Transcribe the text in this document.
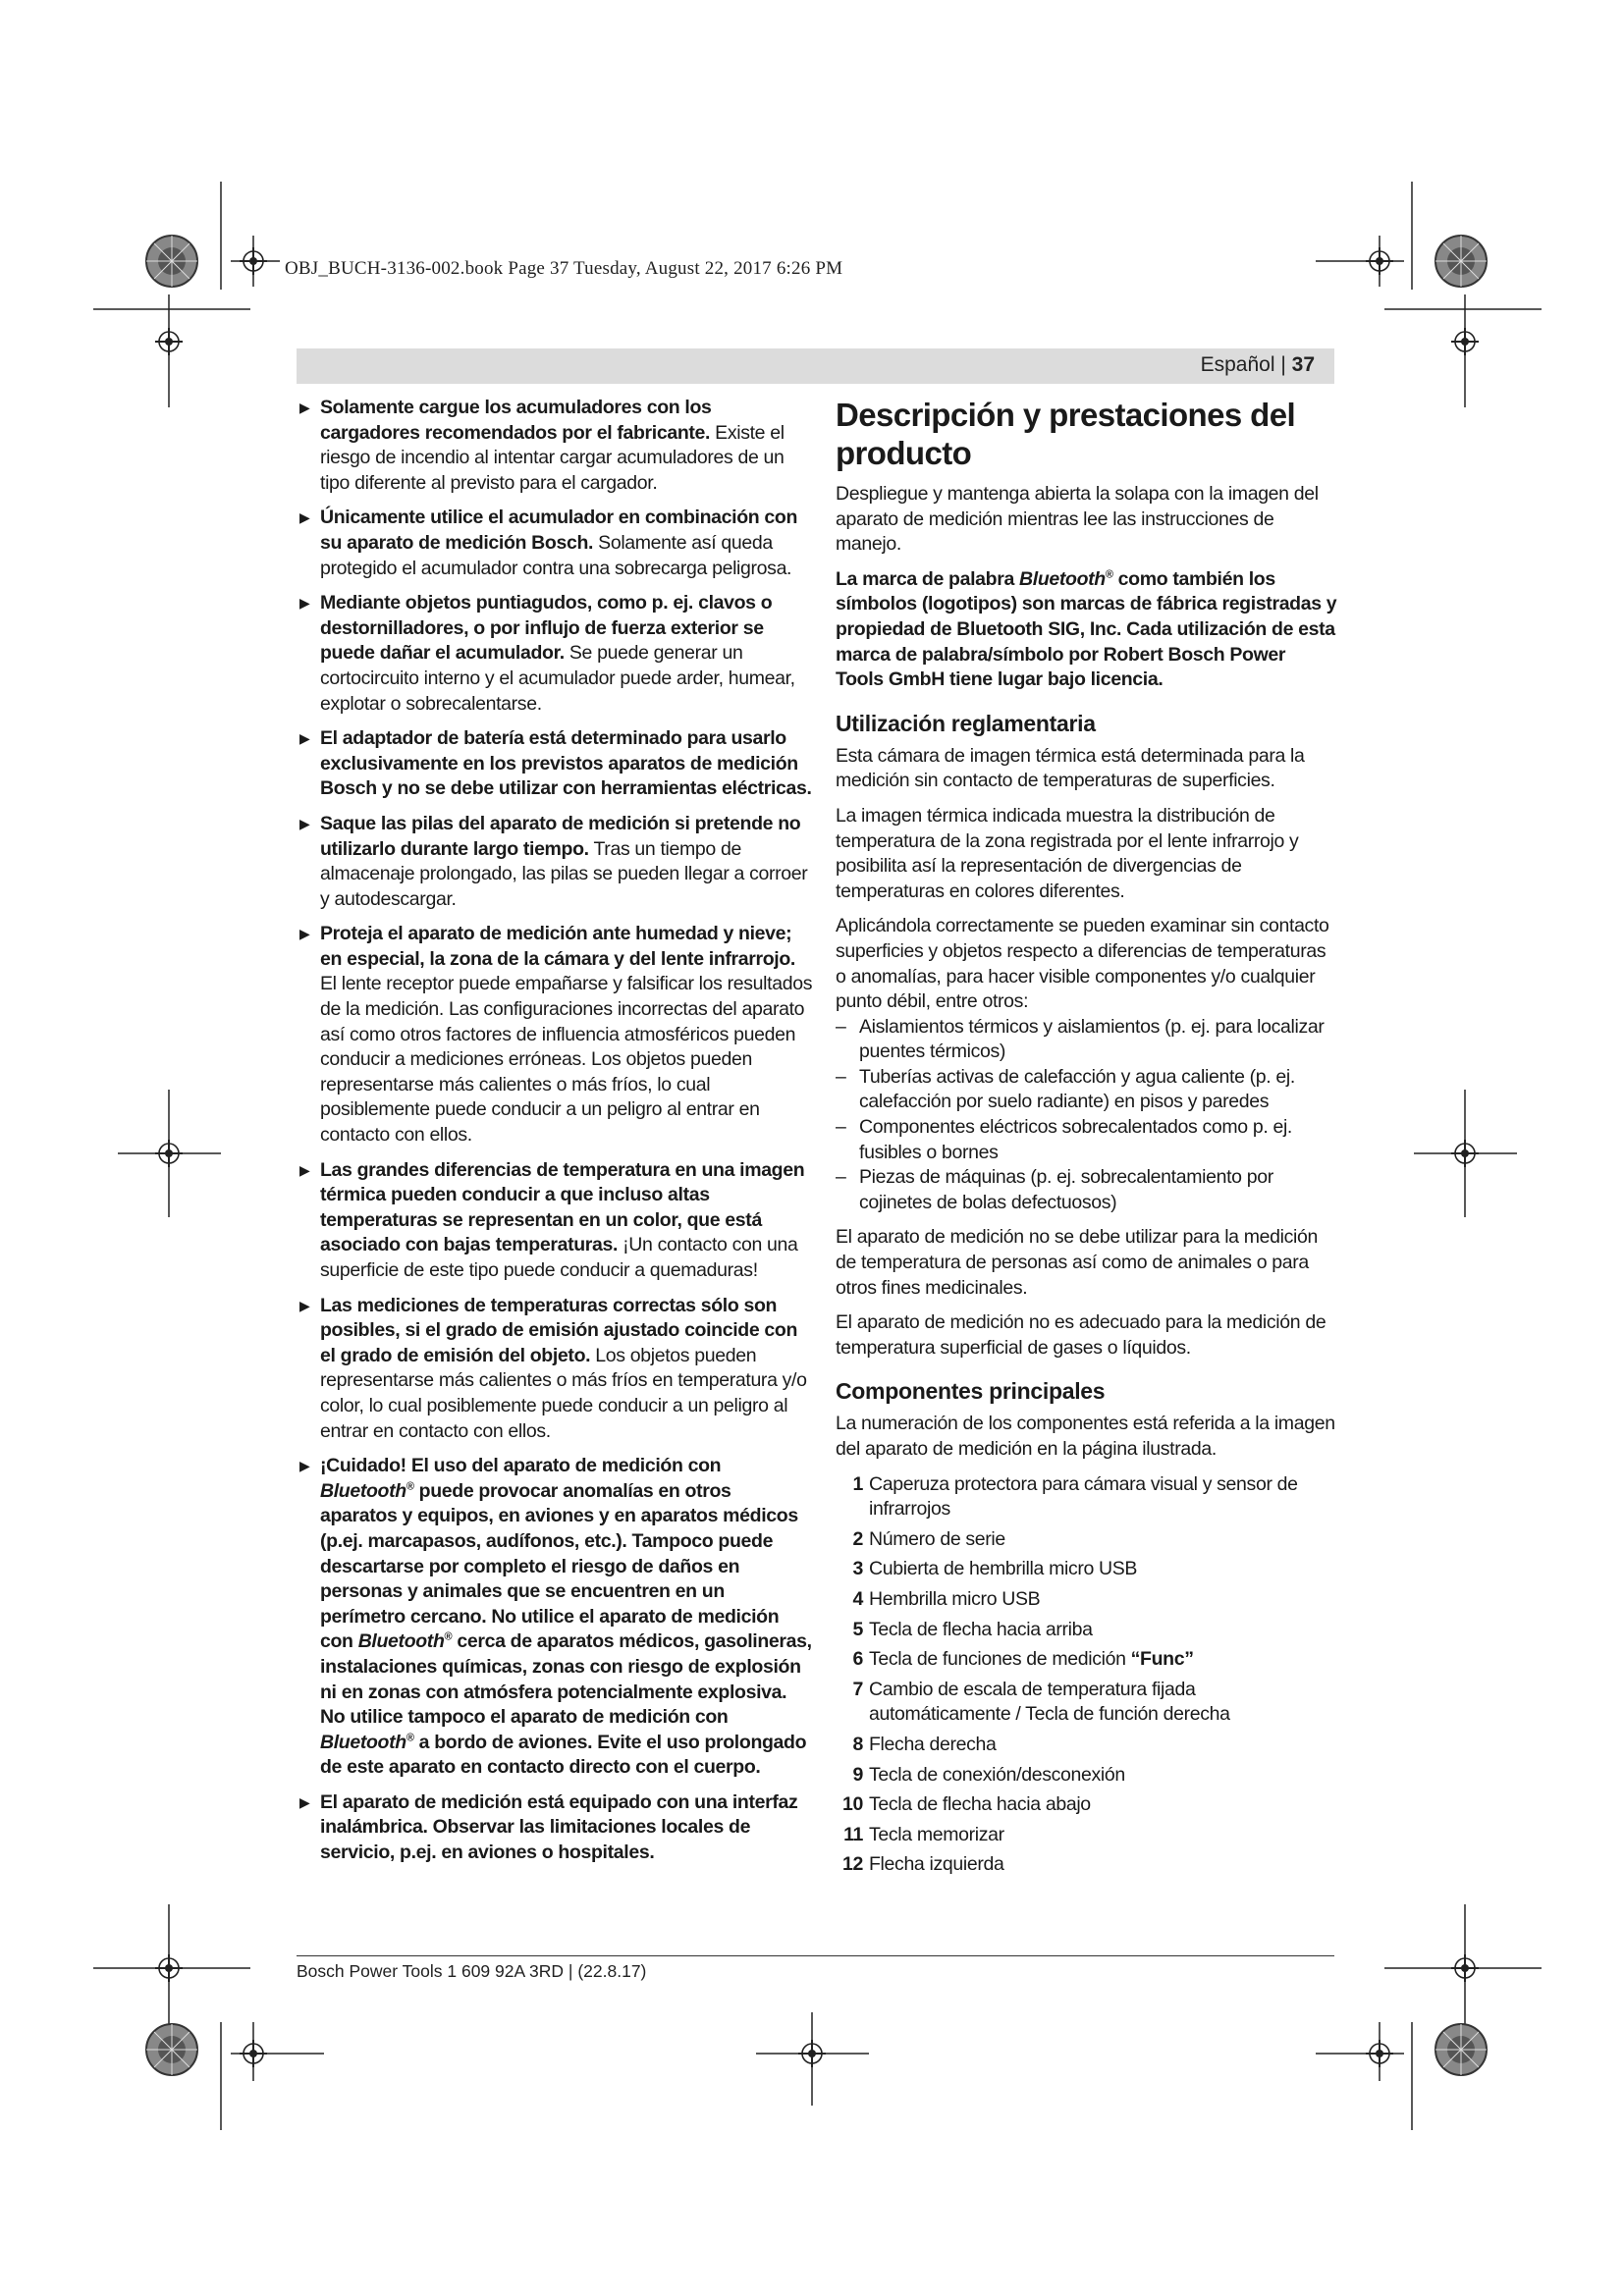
OBJ_BUCH-3136-002.book Page 37 Tuesday, August 22, 2017 6:26 PM
Español | 37
▶ Solamente cargue los acumuladores con los cargadores recomendados por el fabricante. Existe el riesgo de incendio al intentar cargar acumuladores de un tipo diferente al previsto para el cargador.
▶ Únicamente utilice el acumulador en combinación con su aparato de medición Bosch. Solamente así queda protegido el acumulador contra una sobrecarga peligrosa.
▶ Mediante objetos puntiagudos, como p. ej. clavos o destornilladores, o por influjo de fuerza exterior se puede dañar el acumulador. Se puede generar un cortocircuito interno y el acumulador puede arder, humear, explotar o sobrecalentarse.
▶ El adaptador de batería está determinado para usarlo exclusivamente en los previstos aparatos de medición Bosch y no se debe utilizar con herramientas eléctricas.
▶ Saque las pilas del aparato de medición si pretende no utilizarlo durante largo tiempo. Tras un tiempo de almacenaje prolongado, las pilas se pueden llegar a corroer y autodescargar.
▶ Proteja el aparato de medición ante humedad y nieve; en especial, la zona de la cámara y del lente infrarrojo. El lente receptor puede empañarse y falsificar los resultados de la medición. Las configuraciones incorrectas del aparato así como otros factores de influencia atmosféricos pueden conducir a mediciones erróneas. Los objetos pueden representarse más calientes o más fríos, lo cual posiblemente puede conducir a un peligro al entrar en contacto con ellos.
▶ Las grandes diferencias de temperatura en una imagen térmica pueden conducir a que incluso altas temperaturas se representan en un color, que está asociado con bajas temperaturas. ¡Un contacto con una superficie de este tipo puede conducir a quemaduras!
▶ Las mediciones de temperaturas correctas sólo son posibles, si el grado de emisión ajustado coincide con el grado de emisión del objeto. Los objetos pueden representarse más calientes o más fríos en temperatura y/o color, lo cual posiblemente puede conducir a un peligro al entrar en contacto con ellos.
▶ ¡Cuidado! El uso del aparato de medición con Bluetooth® puede provocar anomalías en otros aparatos y equipos, en aviones y en aparatos médicos (p.ej. marcapasos, audífonos, etc.). Tampoco puede descartarse por completo el riesgo de daños en personas y animales que se encuentren en un perímetro cercano. No utilice el aparato de medición con Bluetooth® cerca de aparatos médicos, gasolineras, instalaciones químicas, zonas con riesgo de explosión ni en zonas con atmósfera potencialmente explosiva. No utilice tampoco el aparato de medición con Bluetooth® a bordo de aviones. Evite el uso prolongado de este aparato en contacto directo con el cuerpo.
▶ El aparato de medición está equipado con una interfaz inalámbrica. Observar las limitaciones locales de servicio, p.ej. en aviones o hospitales.
Descripción y prestaciones del producto
Despliegue y mantenga abierta la solapa con la imagen del aparato de medición mientras lee las instrucciones de manejo.
La marca de palabra Bluetooth® como también los símbolos (logotipos) son marcas de fábrica registradas y propiedad de Bluetooth SIG, Inc. Cada utilización de esta marca de palabra/símbolo por Robert Bosch Power Tools GmbH tiene lugar bajo licencia.
Utilización reglamentaria
Esta cámara de imagen térmica está determinada para la medición sin contacto de temperaturas de superficies.
La imagen térmica indicada muestra la distribución de temperatura de la zona registrada por el lente infrarrojo y posibilita así la representación de divergencias de temperaturas en colores diferentes.
Aplicándola correctamente se pueden examinar sin contacto superficies y objetos respecto a diferencias de temperaturas o anomalías, para hacer visible componentes y/o cualquier punto débil, entre otros:
– Aislamientos térmicos y aislamientos (p. ej. para localizar puentes térmicos)
– Tuberías activas de calefacción y agua caliente (p. ej. calefacción por suelo radiante) en pisos y paredes
– Componentes eléctricos sobrecalentados como p. ej. fusibles o bornes
– Piezas de máquinas (p. ej. sobrecalentamiento por cojinetes de bolas defectuosos)
El aparato de medición no se debe utilizar para la medición de temperatura de personas así como de animales o para otros fines medicinales.
El aparato de medición no es adecuado para la medición de temperatura superficial de gases o líquidos.
Componentes principales
La numeración de los componentes está referida a la imagen del aparato de medición en la página ilustrada.
1 Caperuza protectora para cámara visual y sensor de infrarrojos
2 Número de serie
3 Cubierta de hembrilla micro USB
4 Hembrilla micro USB
5 Tecla de flecha hacia arriba
6 Tecla de funciones de medición “Func”
7 Cambio de escala de temperatura fijada automáticamente / Tecla de función derecha
8 Flecha derecha
9 Tecla de conexión/desconexión
10 Tecla de flecha hacia abajo
11 Tecla memorizar
12 Flecha izquierda
Bosch Power Tools 1 609 92A 3RD | (22.8.17)
